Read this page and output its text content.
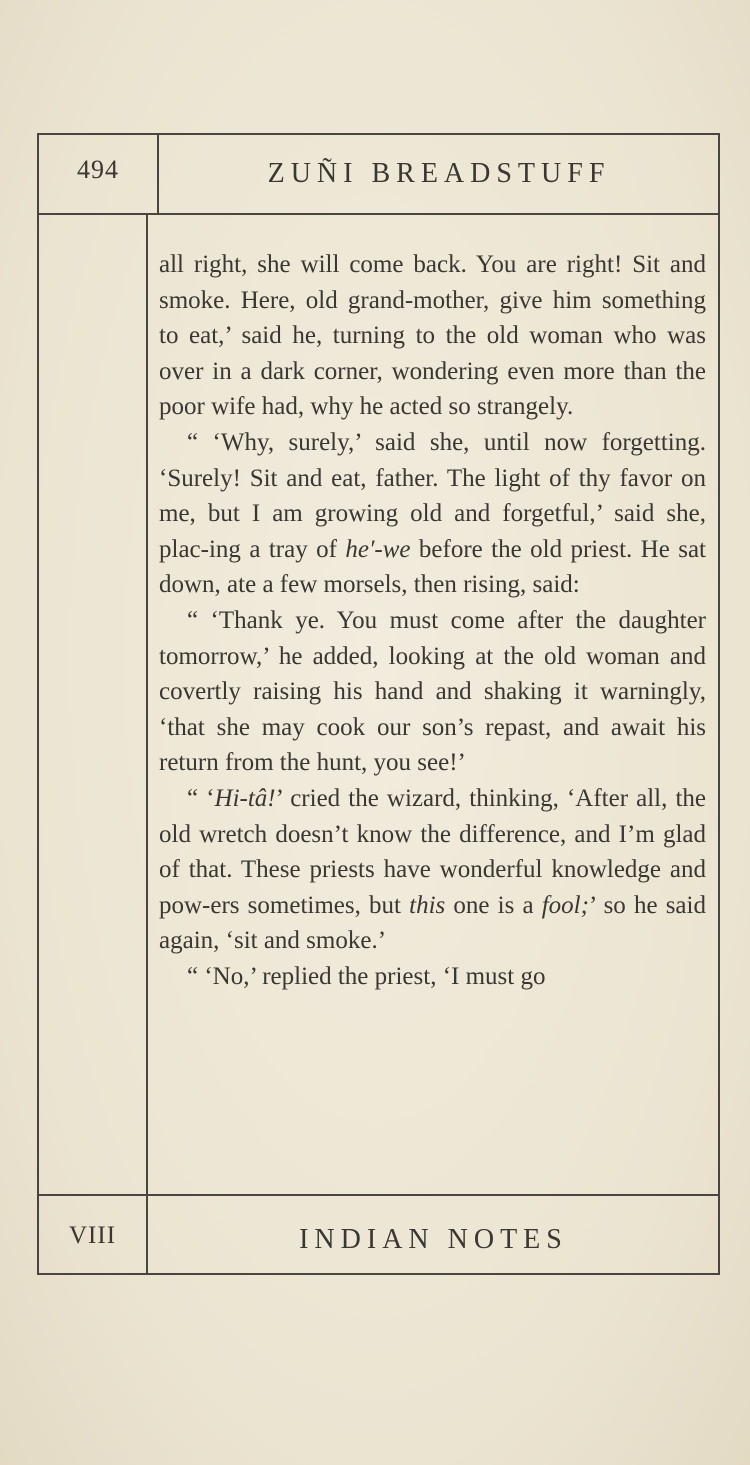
494	ZUÑI BREADSTUFF

all right, she will come back. You are right! Sit and smoke. Here, old grand-mother, give him something to eat,’ said he, turning to the old woman who was over in a dark corner, wondering even more than the poor wife had, why he acted so strangely.

“ ‘Why, surely,’ said she, until now forgetting. ‘Surely! Sit and eat, father. The light of thy favor on me, but I am growing old and forgetful,’ said she, plac-ing a tray of he′-we before the old priest. He sat down, ate a few morsels, then rising, said:

“ ‘Thank ye. You must come after the daughter tomorrow,’ he added, looking at the old woman and covertly raising his hand and shaking it warningly, ‘that she may cook our son’s repast, and await his return from the hunt, you see!’

“ ‘Hi-tâ!’ cried the wizard, thinking, ‘After all, the old wretch doesn’t know the difference, and I’m glad of that. These priests have wonderful knowledge and pow-ers sometimes, but this one is a fool;’ so he said again, ‘sit and smoke.’

“ ‘No,’ replied the priest, ‘I must go

VIII	INDIAN NOTES
